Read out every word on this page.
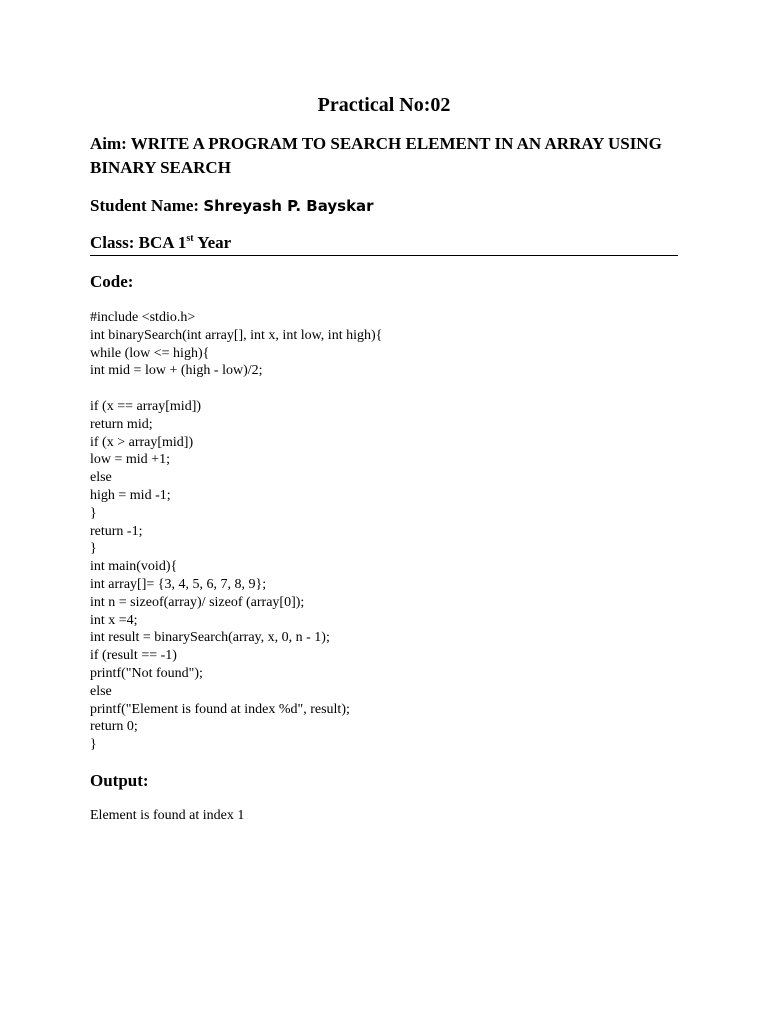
Practical No:02
Aim: WRITE A PROGRAM TO SEARCH ELEMENT IN AN ARRAY USING BINARY SEARCH
Student Name: Shreyash P. Bayskar
Class: BCA 1st Year
Code:
#include <stdio.h>
int binarySearch(int array[], int x, int low, int high){
while (low <= high){
int mid = low + (high - low)/2;
if (x == array[mid])
return mid;
if (x > array[mid])
low = mid +1;
else
high = mid -1;
}
return -1;
}
int main(void){
int array[]= {3, 4, 5, 6, 7, 8, 9};
int n = sizeof(array)/ sizeof (array[0]);
int x =4;
int result = binarySearch(array, x, 0, n - 1);
if (result == -1)
printf("Not found");
else
printf("Element is found at index %d", result);
return 0;
}
Output:
Element is found at index 1
